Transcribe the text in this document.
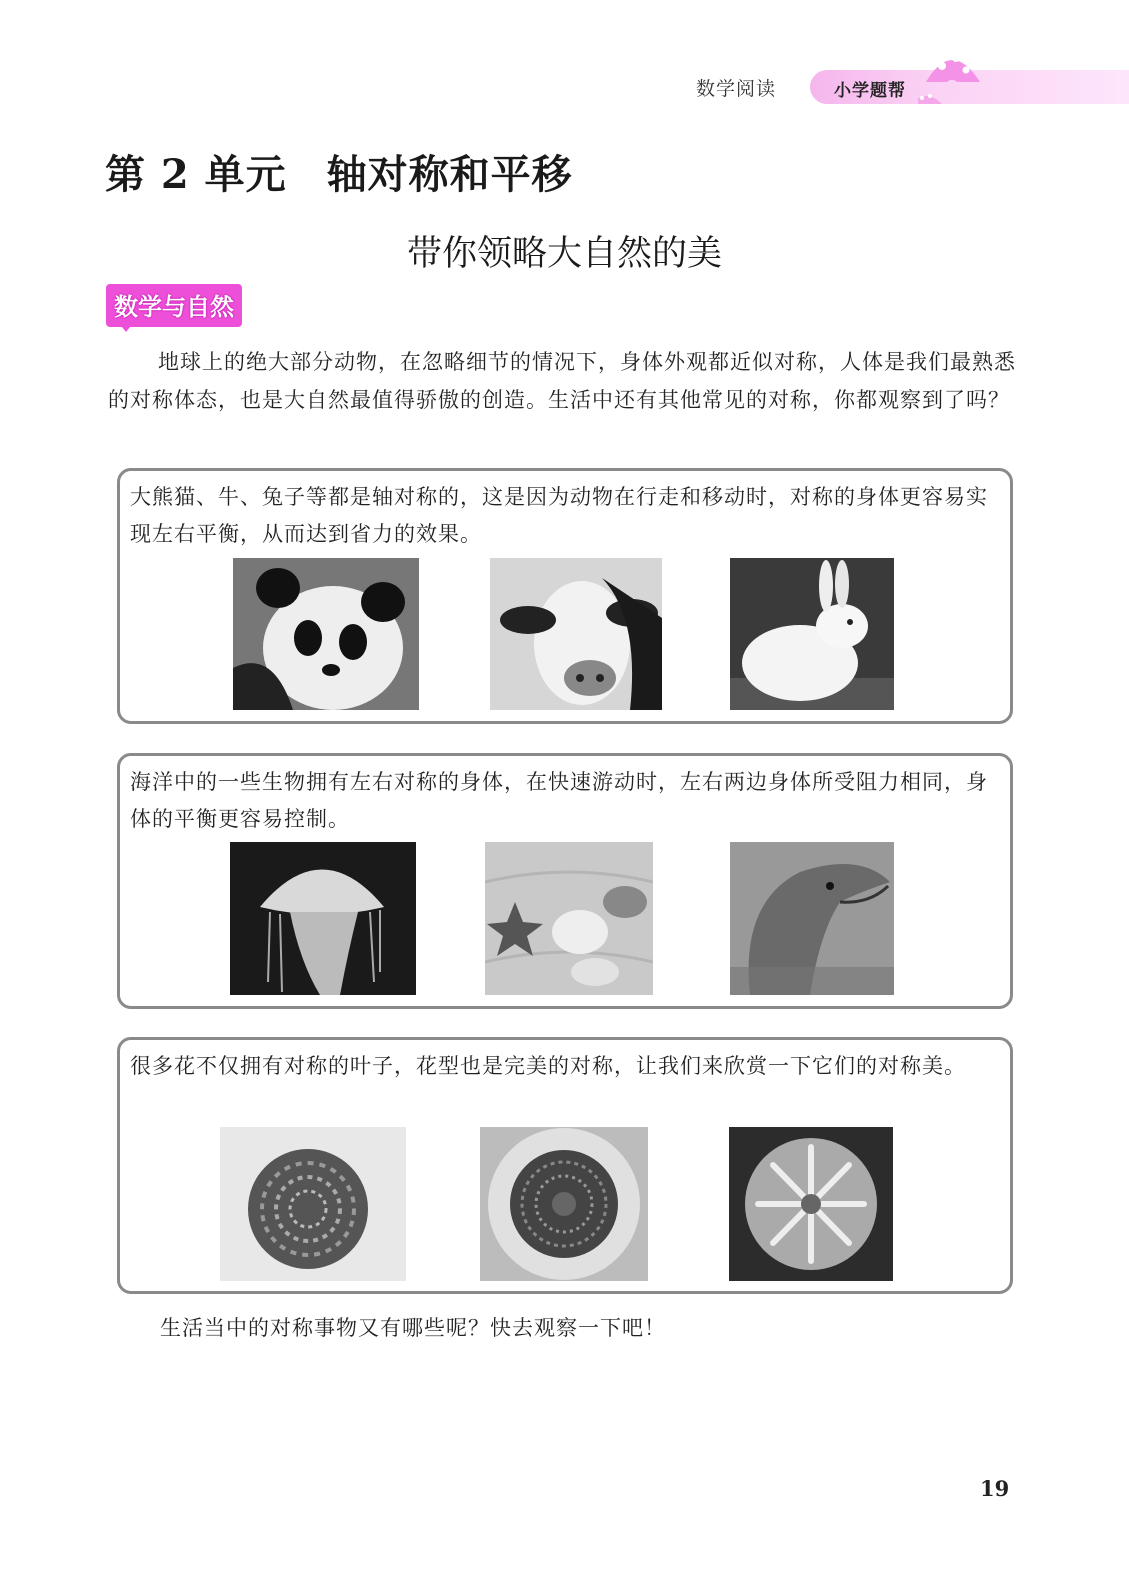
数学阅读	小学题帮
第 2 单元 轴对称和平移
带你领略大自然的美
数学与自然
地球上的绝大部分动物，在忽略细节的情况下，身体外观都近似对称，人体是我们最熟悉的对称体态，也是大自然最值得骄傲的创造。生活中还有其他常见的对称，你都观察到了吗？
大熊猫、牛、兔子等都是轴对称的，这是因为动物在行走和移动时，对称的身体更容易实现左右平衡，从而达到省力的效果。
海洋中的一些生物拥有左右对称的身体，在快速游动时，左右两边身体所受阻力相同，身体的平衡更容易控制。
很多花不仅拥有对称的叶子，花型也是完美的对称，让我们来欣赏一下它们的对称美。
生活当中的对称事物又有哪些呢？快去观察一下吧！
19
